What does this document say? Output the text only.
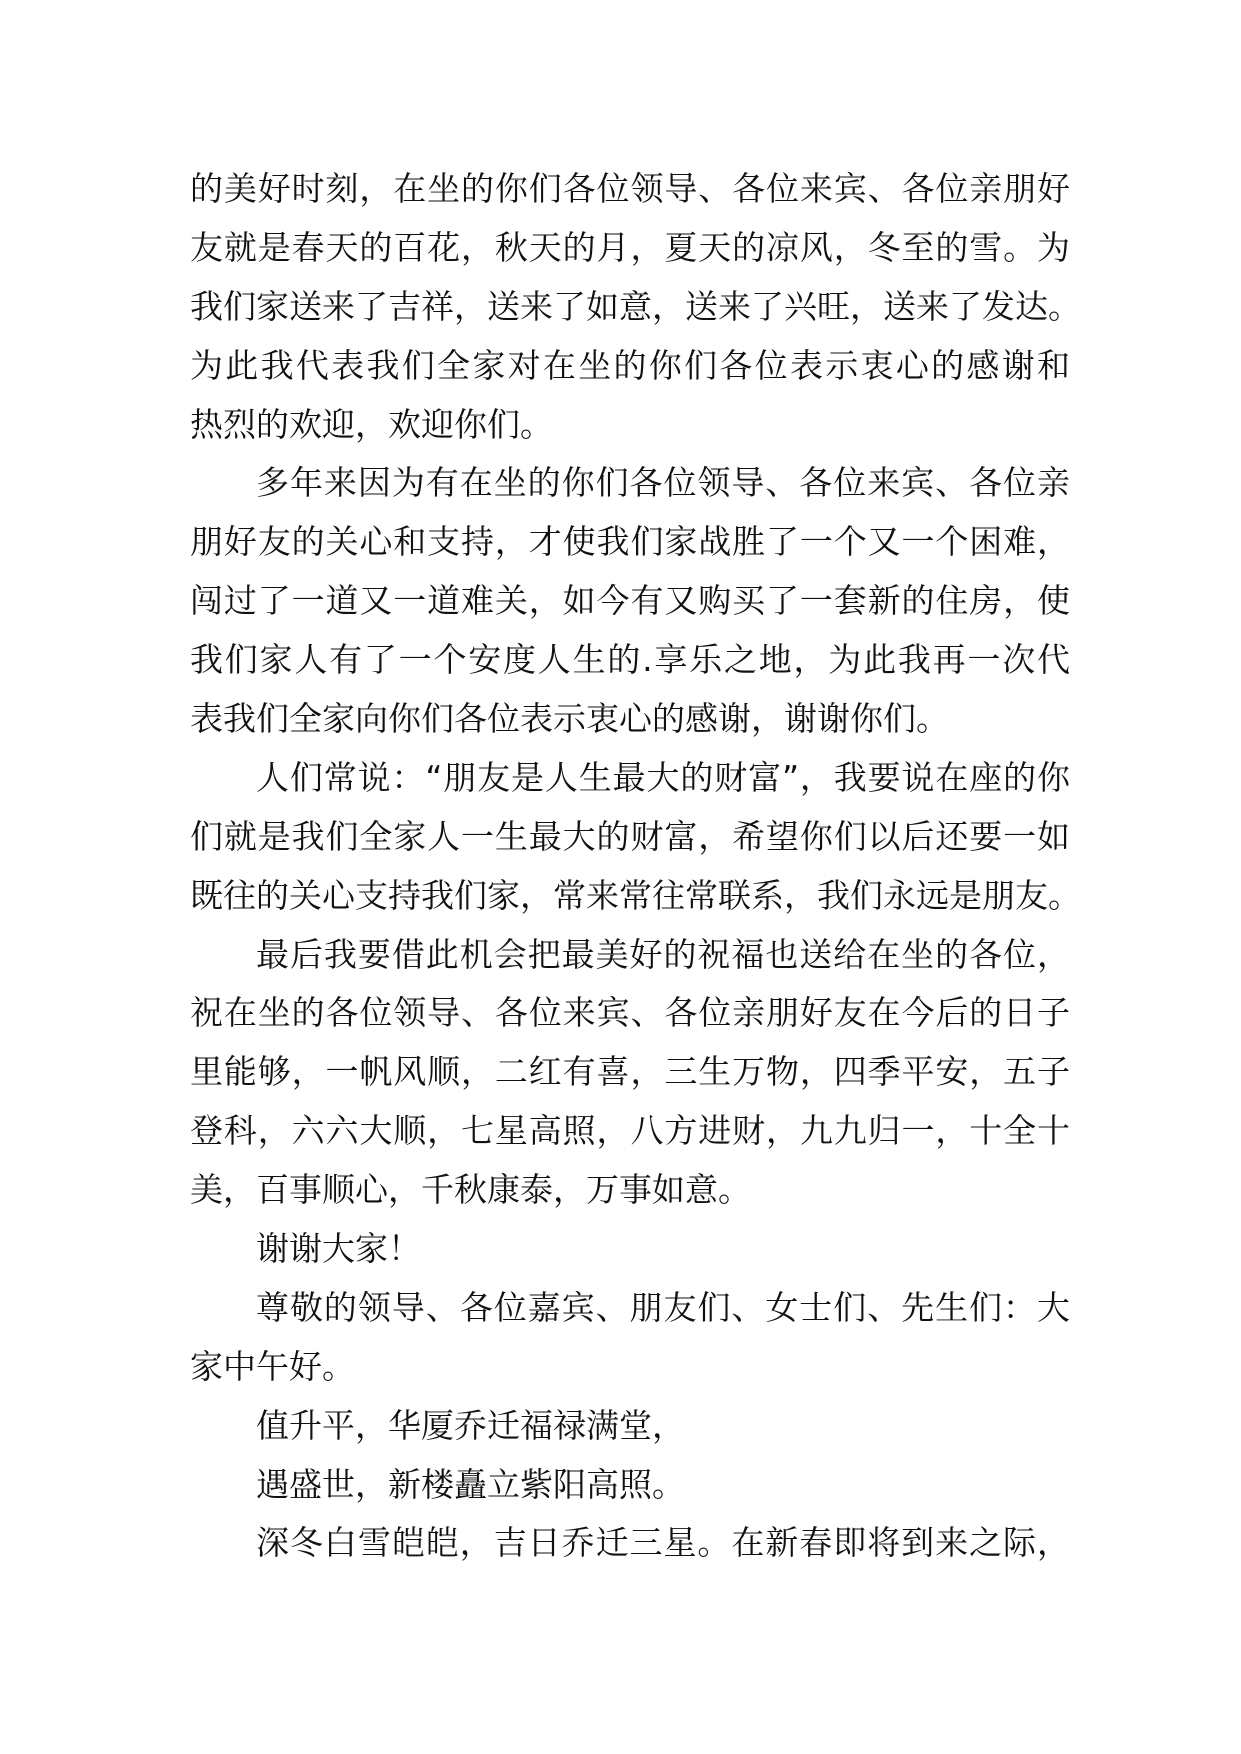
的美好时刻，在坐的你们各位领导、各位来宾、各位亲朋好
友就是春天的百花，秋天的月，夏天的凉风，冬至的雪。为
我们家送来了吉祥，送来了如意，送来了兴旺，送来了发达。
为此我代表我们全家对在坐的你们各位表示衷心的感谢和
热烈的欢迎，欢迎你们。
多年来因为有在坐的你们各位领导、各位来宾、各位亲
朋好友的关心和支持，才使我们家战胜了一个又一个困难，
闯过了一道又一道难关，如今有又购买了一套新的住房，使
我们家人有了一个安度人生的.享乐之地，为此我再一次代
表我们全家向你们各位表示衷心的感谢，谢谢你们。
人们常说：“朋友是人生最大的财富”，我要说在座的你
们就是我们全家人一生最大的财富，希望你们以后还要一如
既往的关心支持我们家，常来常往常联系，我们永远是朋友。
最后我要借此机会把最美好的祝福也送给在坐的各位，
祝在坐的各位领导、各位来宾、各位亲朋好友在今后的日子
里能够，一帆风顺，二红有喜，三生万物，四季平安，五子
登科，六六大顺，七星高照，八方进财，九九归一，十全十
美，百事顺心，千秋康泰，万事如意。
谢谢大家！
尊敬的领导、各位嘉宾、朋友们、女士们、先生们：大
家中午好。
值升平，华厦乔迁福禄满堂，
遇盛世，新楼矗立紫阳高照。
深冬白雪皑皑，吉日乔迁三星。在新春即将到来之际，
